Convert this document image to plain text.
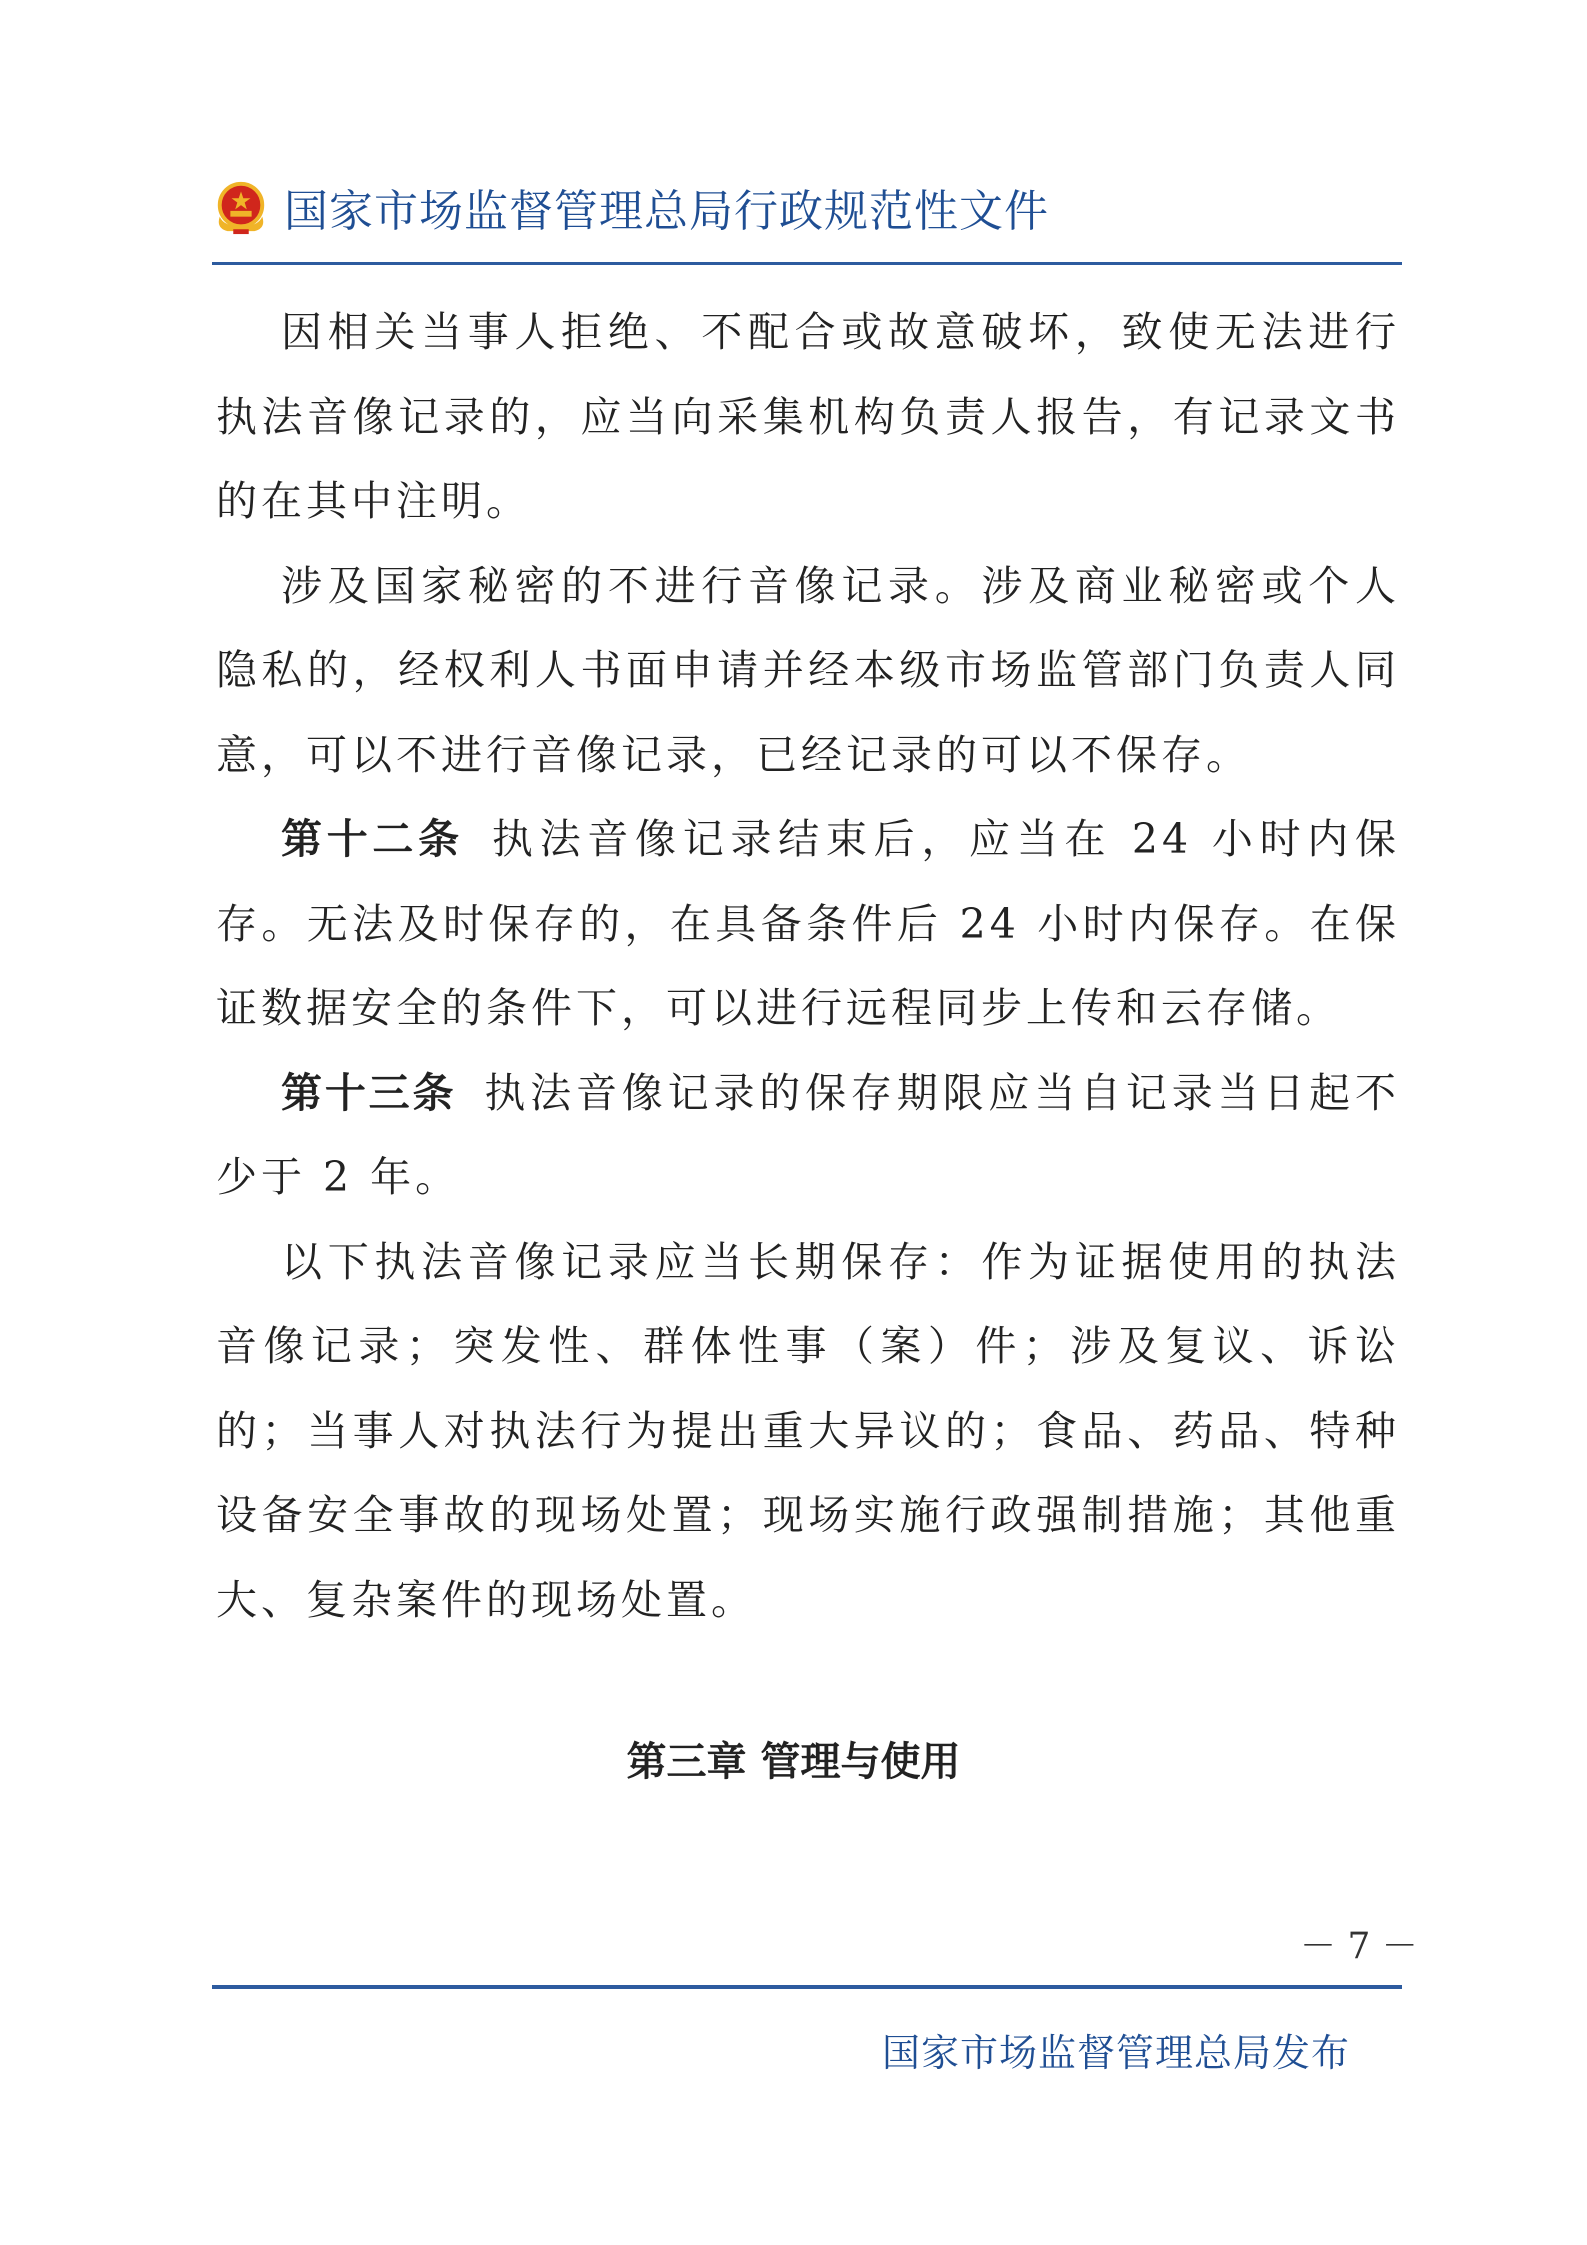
国家市场监督管理总局行政规范性文件

因相关当事人拒绝、不配合或故意破坏，致使无法进行执法音像记录的，应当向采集机构负责人报告，有记录文书的在其中注明。

涉及国家秘密的不进行音像记录。涉及商业秘密或个人隐私的，经权利人书面申请并经本级市场监管部门负责人同意，可以不进行音像记录，已经记录的可以不保存。

第十二条 执法音像记录结束后，应当在 24 小时内保存。无法及时保存的，在具备条件后 24 小时内保存。在保证数据安全的条件下，可以进行远程同步上传和云存储。

第十三条 执法音像记录的保存期限应当自记录当日起不少于 2 年。

以下执法音像记录应当长期保存：作为证据使用的执法音像记录；突发性、群体性事（案）件；涉及复议、诉讼的；当事人对执法行为提出重大异议的；食品、药品、特种设备安全事故的现场处置；现场实施行政强制措施；其他重大、复杂案件的现场处置。

第三章 管理与使用
－ 7 －
国家市场监督管理总局发布
